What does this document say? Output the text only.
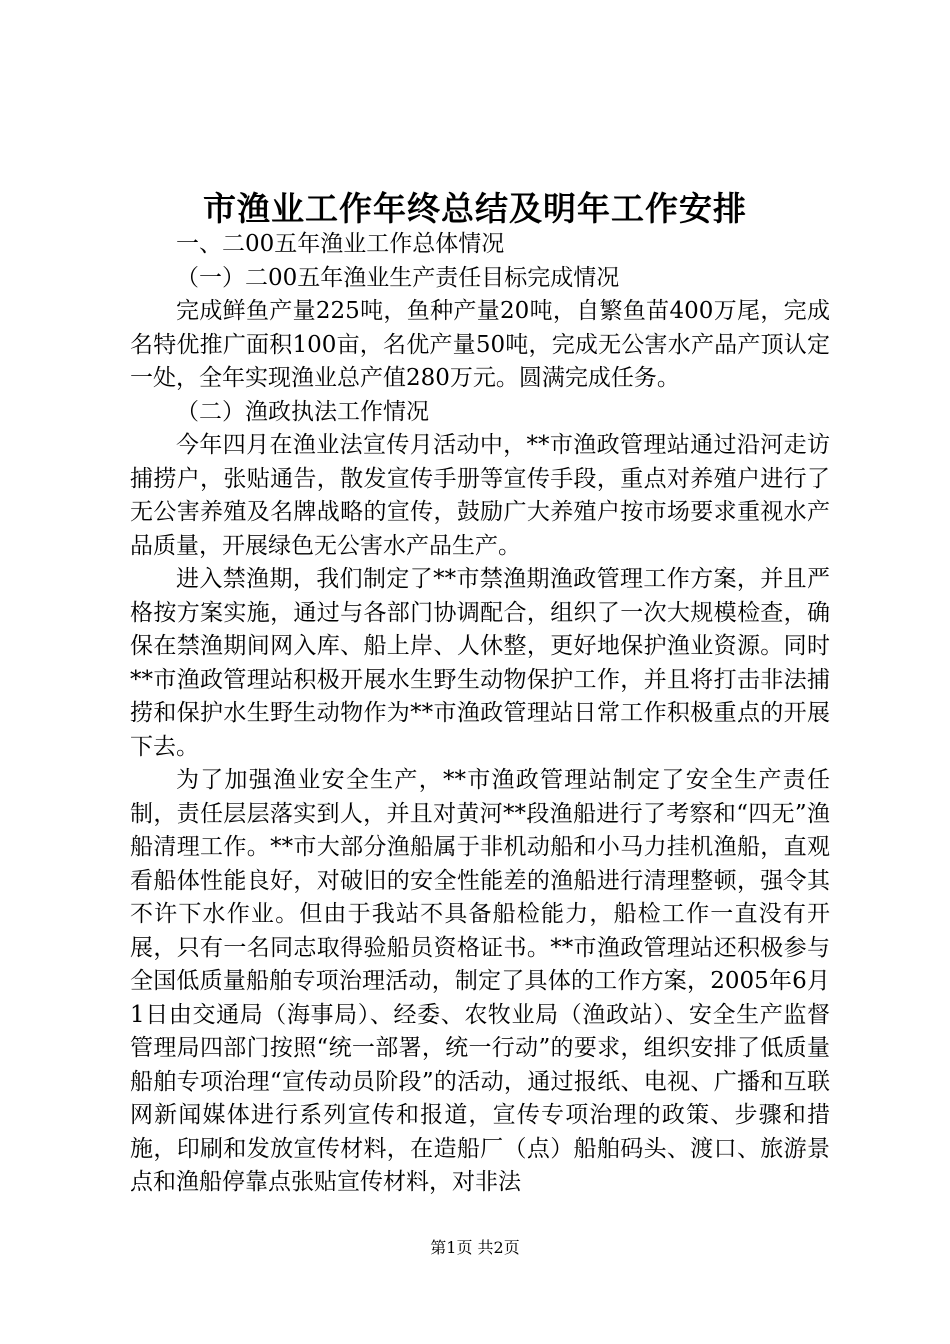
市渔业工作年终总结及明年工作安排

一、二00五年渔业工作总体情况

（一）二00五年渔业生产责任目标完成情况

完成鲜鱼产量225吨，鱼种产量20吨，自繁鱼苗400万尾，完成名特优推广面积100亩，名优产量50吨，完成无公害水产品产顶认定一处，全年实现渔业总产值280万元。圆满完成任务。

（二）渔政执法工作情况

今年四月在渔业法宣传月活动中，**市渔政管理站通过沿河走访捕捞户，张贴通告，散发宣传手册等宣传手段，重点对养殖户进行了无公害养殖及名牌战略的宣传，鼓励广大养殖户按市场要求重视水产品质量，开展绿色无公害水产品生产。

进入禁渔期，我们制定了**市禁渔期渔政管理工作方案，并且严格按方案实施，通过与各部门协调配合，组织了一次大规模检查，确保在禁渔期间网入库、船上岸、人休整，更好地保护渔业资源。同时**市渔政管理站积极开展水生野生动物保护工作，并且将打击非法捕捞和保护水生野生动物作为**市渔政管理站日常工作积极重点的开展下去。

为了加强渔业安全生产，**市渔政管理站制定了安全生产责任制，责任层层落实到人，并且对黄河**段渔船进行了考察和“四无”渔船清理工作。**市大部分渔船属于非机动船和小马力挂机渔船，直观看船体性能良好，对破旧的安全性能差的渔船进行清理整顿，强令其不许下水作业。但由于我站不具备船检能力，船检工作一直没有开展，只有一名同志取得验船员资格证书。**市渔政管理站还积极参与全国低质量船舶专项治理活动，制定了具体的工作方案，2005年6月1日由交通局（海事局）、经委、农牧业局（渔政站）、安全生产监督管理局四部门按照“统一部署，统一行动”的要求，组织安排了低质量船舶专项治理“宣传动员阶段”的活动，通过报纸、电视、广播和互联网新闻媒体进行系列宣传和报道，宣传专项治理的政策、步骤和措施，印刷和发放宣传材料，在造船厂（点）船舶码头、渡口、旅游景点和渔船停靠点张贴宣传材料，对非法

第1页 共2页
